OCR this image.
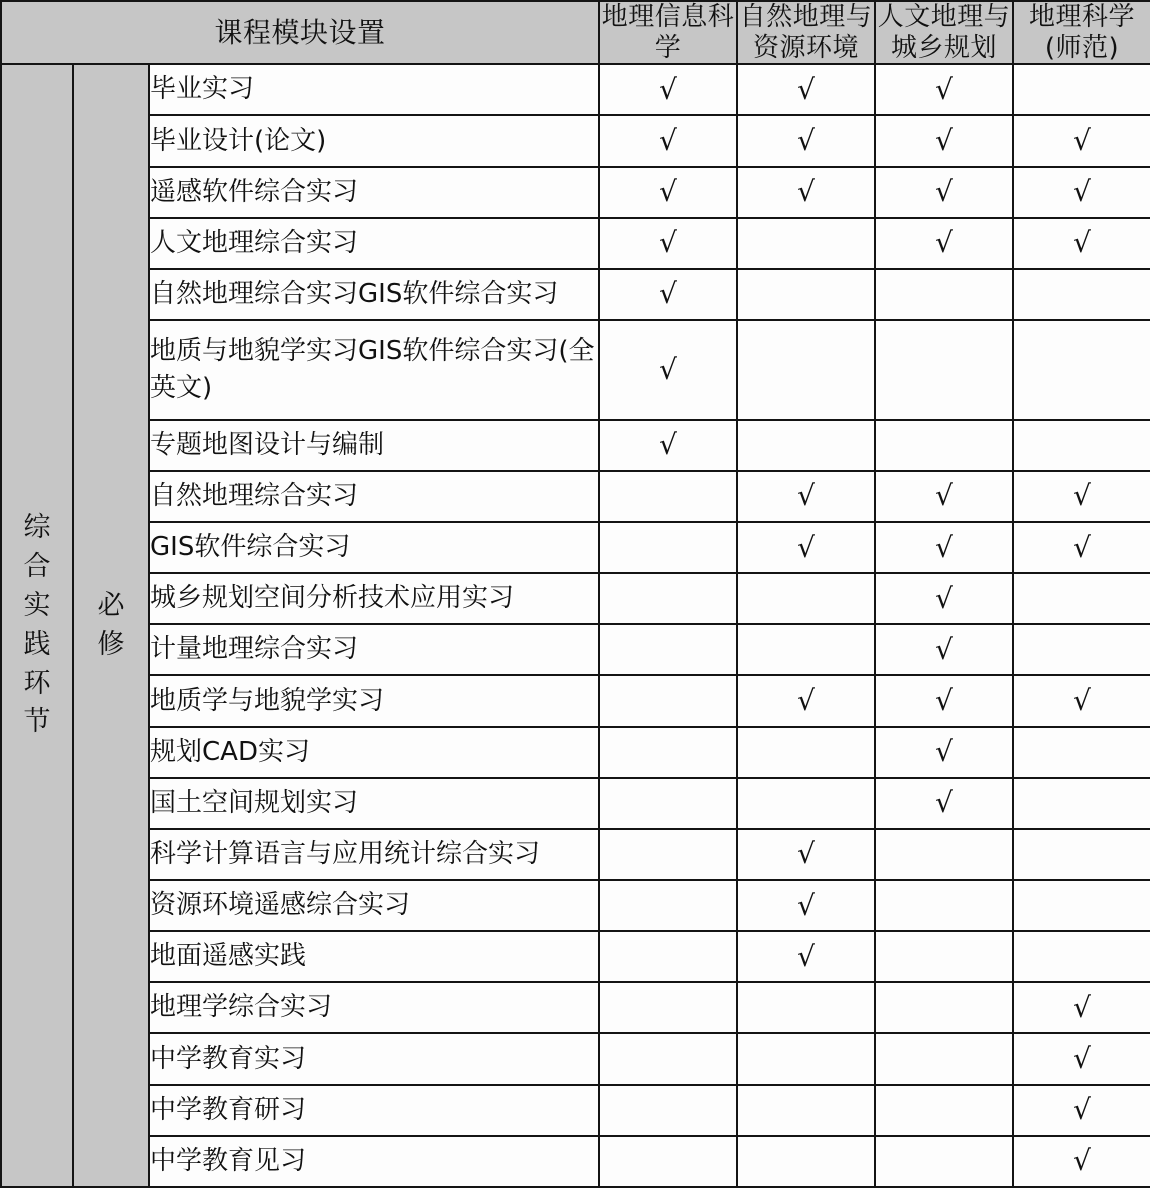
课程模块设置			地理信息科学	自然地理与资源环境	人文地理与城乡规划	地理科学(师范)

综合实践环节	必修	毕业实习	√	√	√	
		毕业设计(论文)	√	√	√	√
		遥感软件综合实习	√	√	√	√
		人文地理综合实习	√		√	√
		自然地理综合实习GIS软件综合实习	√			
		地质与地貌学实习GIS软件综合实习(全英文)	√			
		专题地图设计与编制	√			
		自然地理综合实习		√	√	√
		GIS软件综合实习		√	√	√
		城乡规划空间分析技术应用实习			√	
		计量地理综合实习			√	
		地质学与地貌学实习		√	√	√
		规划CAD实习			√	
		国土空间规划实习			√	
		科学计算语言与应用统计综合实习		√		
		资源环境遥感综合实习		√		
		地面遥感实践		√		
		地理学综合实习				√
		中学教育实习				√
		中学教育研习				√
		中学教育见习				√
